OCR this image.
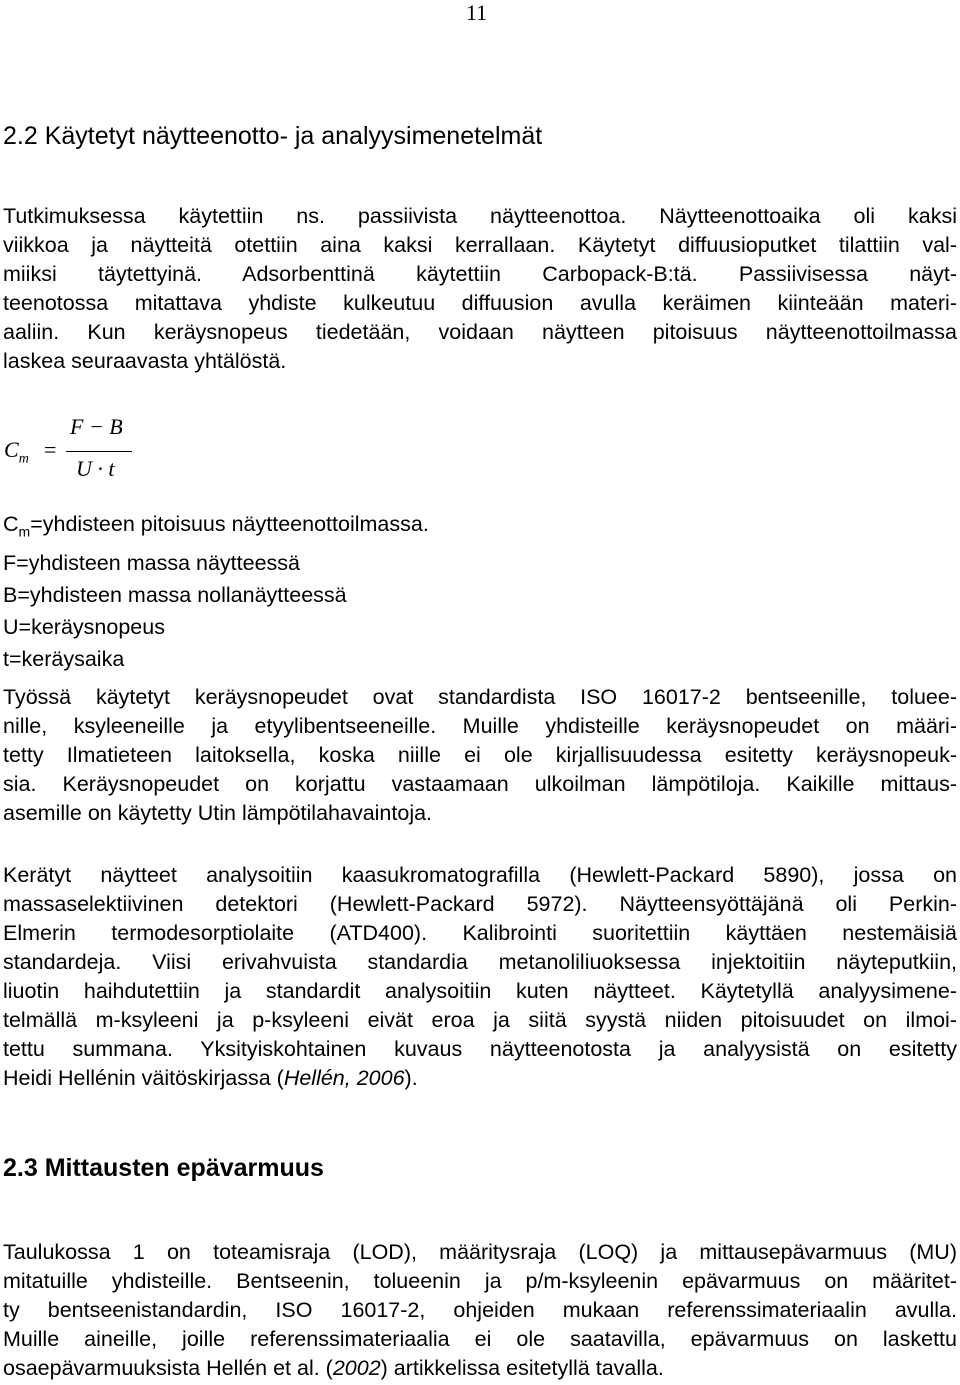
11
2.2 Käytetyt näytteenotto- ja analyysimenetelmät
Tutkimuksessa käytettiin ns. passiivista näytteenottoa. Näytteenottoaika oli kaksi
viikkoa ja näytteitä otettiin aina kaksi kerrallaan. Käytetyt diffuusioputket tilattiin val-
miiksi täytettyinä. Adsorbenttinä käytettiin Carbopack-B:tä. Passiivisessa näyt-
teenotossa mitattava yhdiste kulkeutuu diffuusion avulla keräimen kiinteään materi-
aaliin. Kun keräysnopeus tiedetään, voidaan näytteen pitoisuus näytteenottoilmassa
laskea seuraavasta yhtälöstä.
$C_m$ =
F − B
U · t
$C_m=yhdisteen$ pitoisuus näytteenottoilmassa.
F=yhdisteen massa näytteessä
B=yhdisteen massa nollanäytteessä
U=keräysnopeus
t=keräysaika
Työssä käytetyt keräysnopeudet ovat standardista ISO 16017-2 bentseenille, toluee-
nille, ksyleeneille ja etyylibentseeneille. Muille yhdisteille keräysnopeudet on määri-
tetty Ilmatieteen laitoksella, koska niille ei ole kirjallisuudessa esitetty keräysnopeuk-
sia. Keräysnopeudet on korjattu vastaamaan ulkoilman lämpötiloja. Kaikille mittaus-
asemille on käytetty Utin lämpötilahavaintoja.
Kerätyt näytteet analysoitiin kaasukromatografilla (Hewlett-Packard 5890), jossa on
massaselektiivinen detektori (Hewlett-Packard 5972). Näytteensyöttäjänä oli Perkin-
Elmerin termodesorptiolaite (ATD400). Kalibrointi suoritettiin käyttäen nestemäisiä
standardeja. Viisi erivahvuista standardia metanoliliuoksessa injektoitiin näyteputkiin,
liuotin haihdutettiin ja standardit analysoitiin kuten näytteet. Käytetyllä analyysimene-
telmällä m-ksyleeni ja p-ksyleeni eivät eroa ja siitä syystä niiden pitoisuudet on ilmoi-
tettu summana. Yksityiskohtainen kuvaus näytteenotosta ja analyysistä on esitetty
Heidi Hellénin väitöskirjassa (Hellén, 2006).
2.3 Mittausten epävarmuus
Taulukossa 1 on toteamisraja (LOD), määritysraja (LOQ) ja mittausepävarmuus (MU)
mitatuille yhdisteille. Bentseenin, tolueenin ja p/m-ksyleenin epävarmuus on määritet-
ty bentseenistandardin, ISO 16017-2, ohjeiden mukaan referenssimateriaalin avulla.
Muille aineille, joille referenssimateriaalia ei ole saatavilla, epävarmuus on laskettu
osaepävarmuuksista Hellén et al. (2002) artikkelissa esitetyllä tavalla.
